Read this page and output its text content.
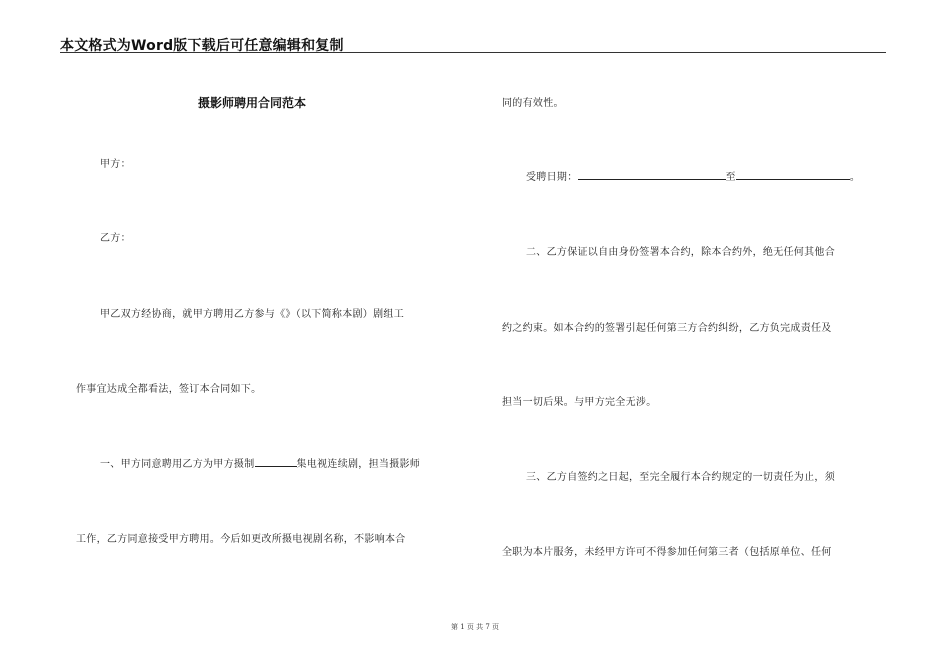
本文格式为Word版下载后可任意编辑和复制
摄影师聘用合同范本
甲方：
乙方：
甲乙双方经协商，就甲方聘用乙方参与《》（以下简称本剧）剧组工
作事宜达成全都看法，签订本合同如下。
一、甲方同意聘用乙方为甲方摄制	集电视连续剧，担当摄影师
工作，乙方同意接受甲方聘用。今后如更改所摄电视剧名称，不影响本合
同的有效性。
受聘日期：	至	。
二、乙方保证以自由身份签署本合约，除本合约外，绝无任何其他合
约之约束。如本合约的签署引起任何第三方合约纠纷，乙方负完成责任及
担当一切后果。与甲方完全无涉。
三、乙方自签约之日起，至完全履行本合约规定的一切责任为止，须
全职为本片服务，未经甲方许可不得参加任何第三者（包括原单位、任何
第 1 页 共 7 页
